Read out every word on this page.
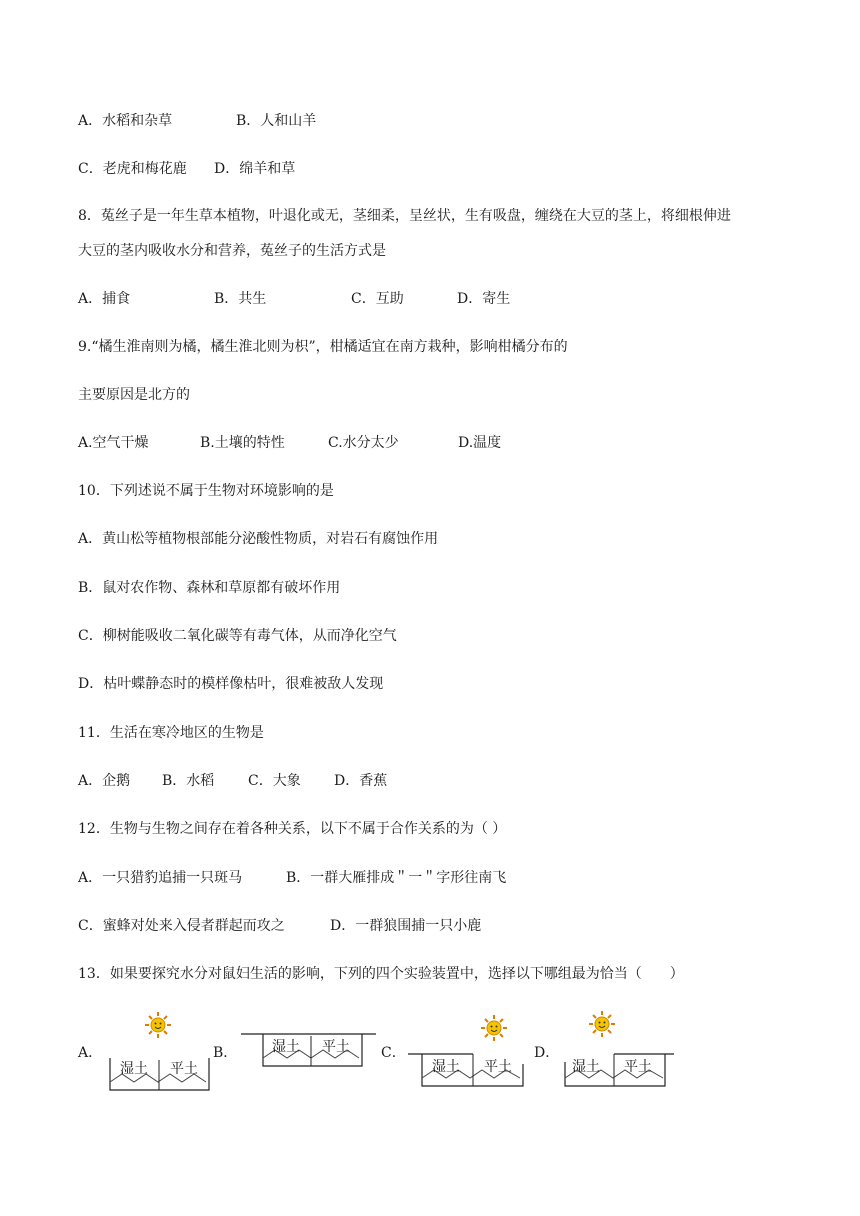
A．水稻和杂草	B．人和山羊
C．老虎和梅花鹿 D．绵羊和草
8．菟丝子是一年生草本植物，叶退化或无，茎细柔，呈丝状，生有吸盘，缠绕在大豆的茎上，将细根伸进
大豆的茎内吸收水分和营养，菟丝子的生活方式是
A．捕食	B．共生	C．互助	D．寄生
9.“橘生淮南则为橘，橘生淮北则为枳”，柑橘适宜在南方栽种，影响柑橘分布的
主要原因是北方的
A.空气干燥	B.土壤的特性	C.水分太少	D.温度
10．下列述说不属于生物对环境影响的是
A．黄山松等植物根部能分泌酸性物质，对岩石有腐蚀作用
B．鼠对农作物、森林和草原都有破坏作用
C．柳树能吸收二氧化碳等有毒气体，从而净化空气
D．枯叶蝶静态时的模样像枯叶，很难被敌人发现
11．生活在寒冷地区的生物是
A．企鹅 B．水稻 C．大象 D．香蕉
12．生物与生物之间存在着各种关系，以下不属于合作关系的为（ ）
A．一只猎豹追捕一只斑马	B．一群大雁排成＂一＂字形往南飞
C．蜜蜂对处来入侵者群起而攻之	D．一群狼围捕一只小鹿
13．如果要探究水分对鼠妇生活的影响，下列的四个实验装置中，选择以下哪组最为恰当（　　）
A．	B．	C．	D．
湿土 平土
湿土 平土
湿土 平土	湿土 平土
